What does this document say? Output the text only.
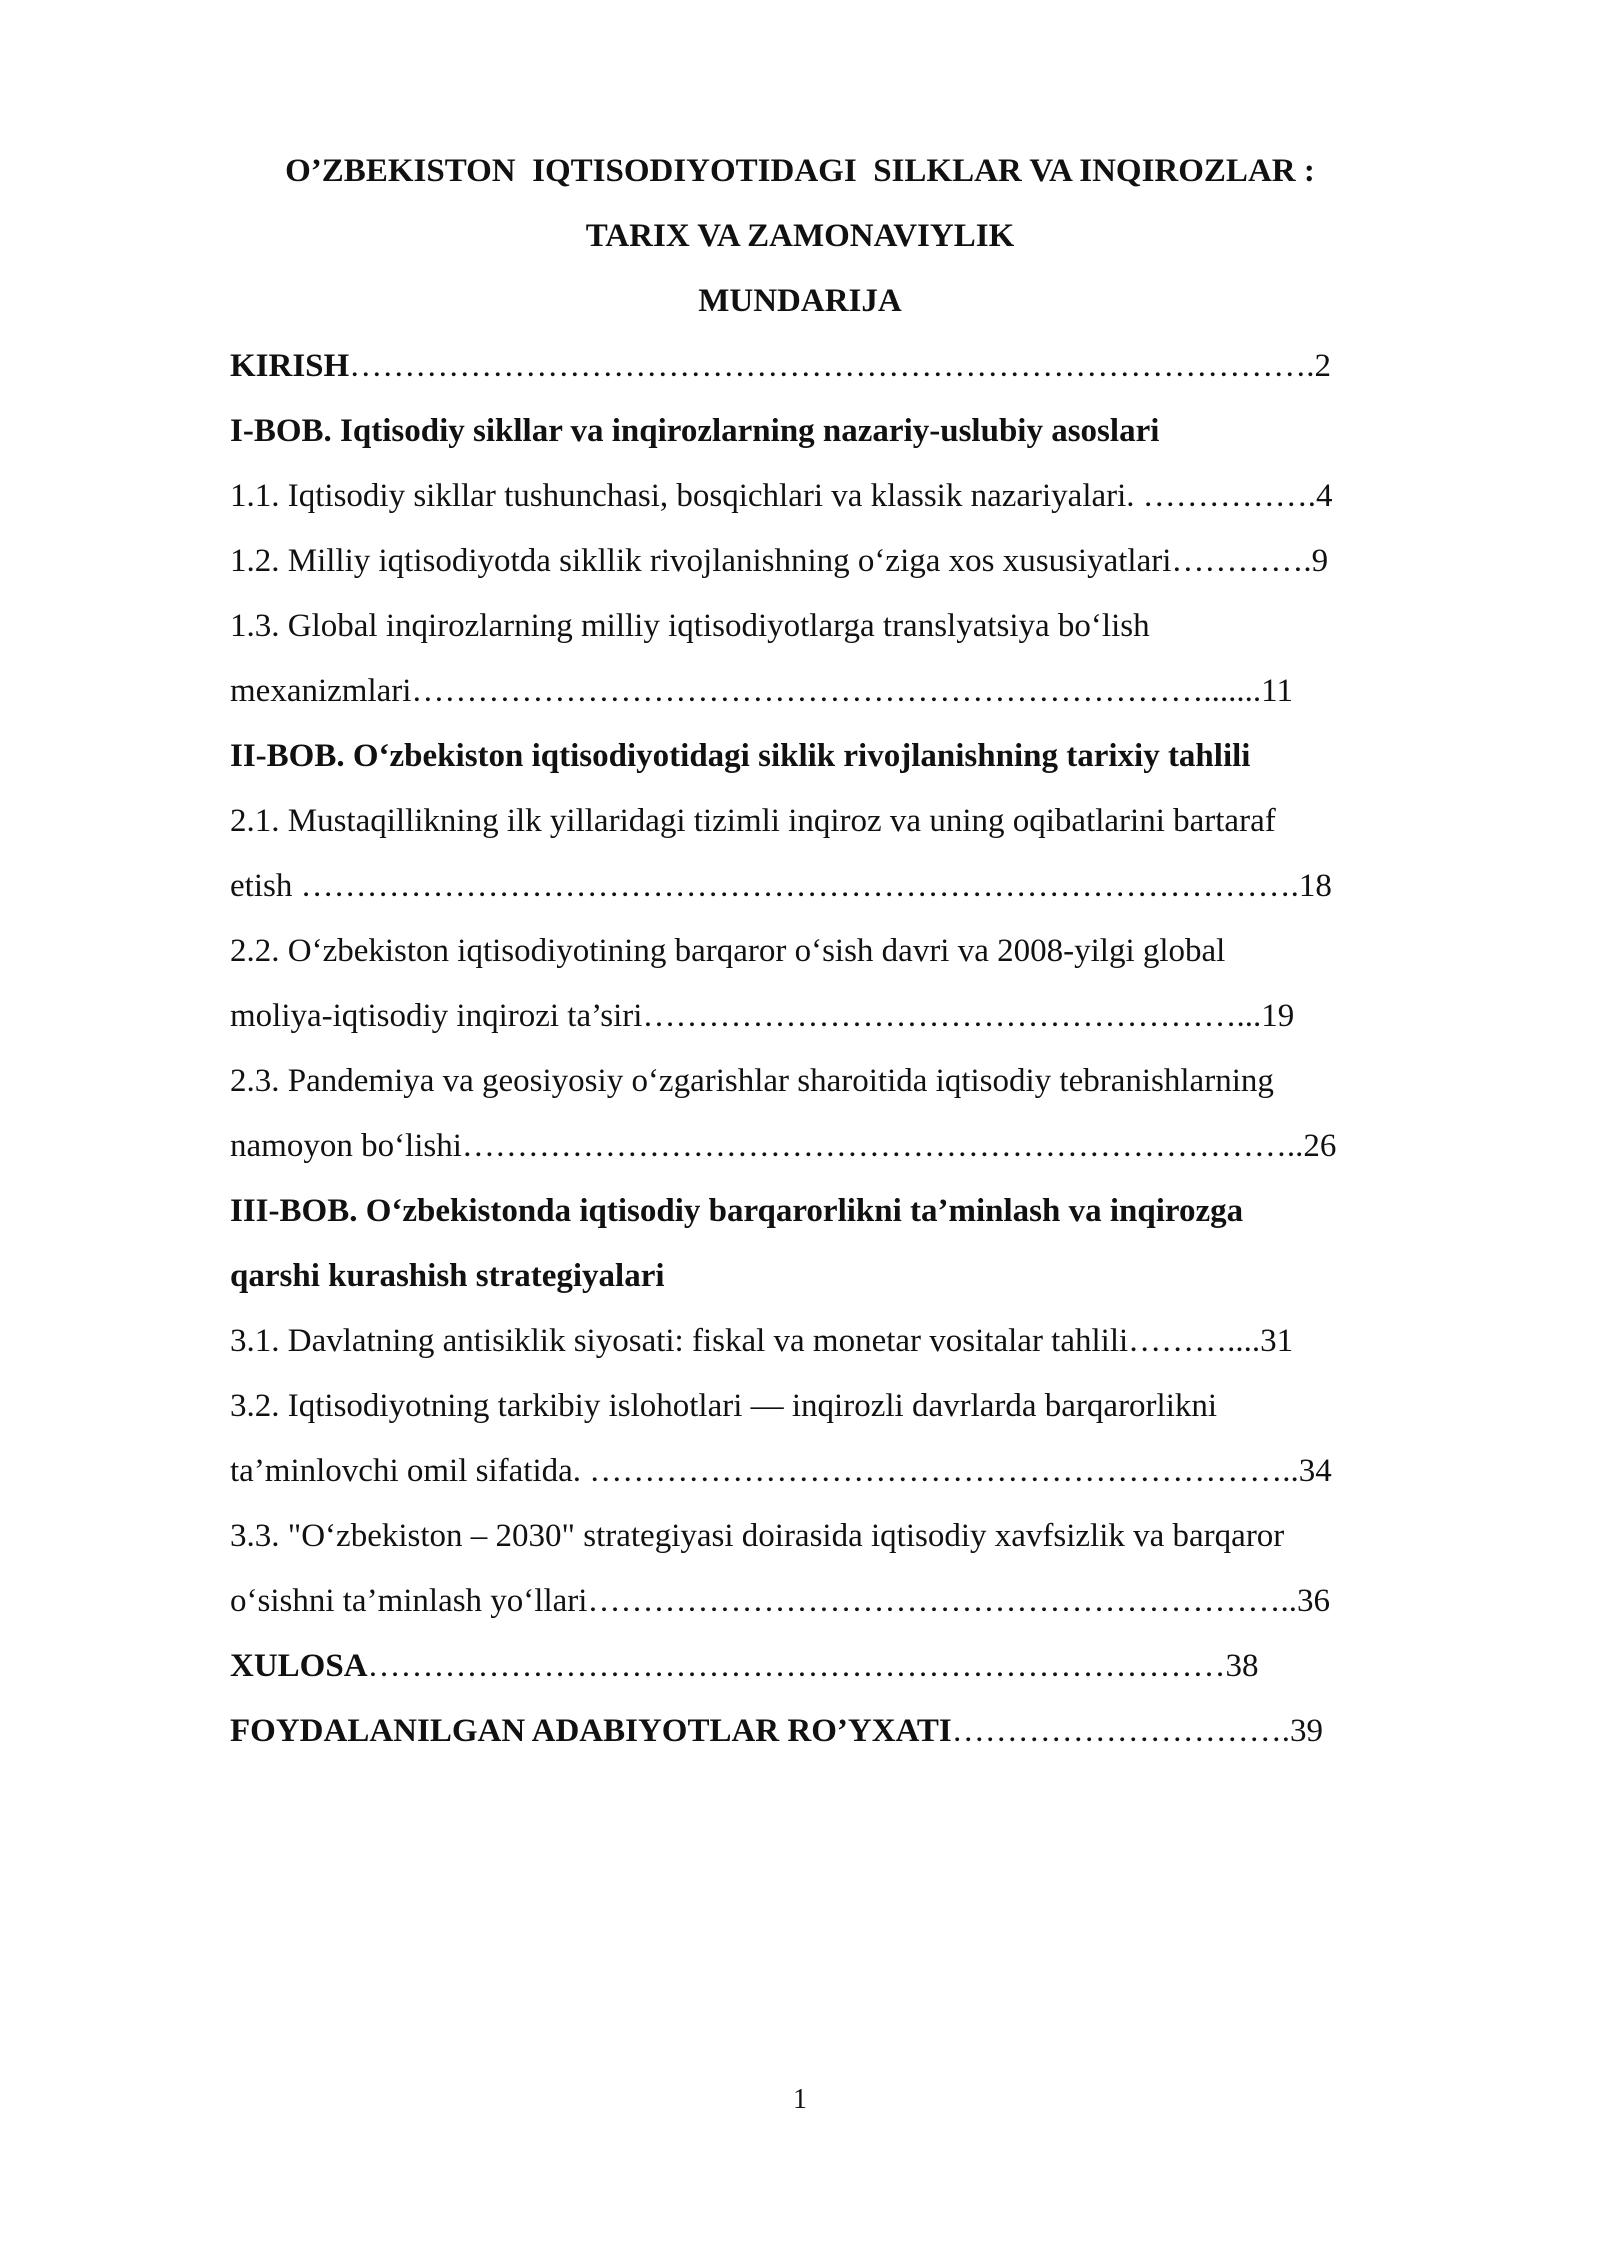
O’ZBEKISTON  IQTISODIYOTIDAGI  SILKLAR VA INQIROZLAR :
TARIX VA ZAMONAVIYLIK
MUNDARIJA
KIRISH…………………………………………………………………………….2
I-BOB. Iqtisodiy sikllar va inqirozlarning nazariy-uslubiy asoslari
1.1. Iqtisodiy sikllar tushunchasi, bosqichlari va klassik nazariyalari. …………….4
1.2. Milliy iqtisodiyotda sikllik rivojlanishning o‘ziga xos xususiyatlari………….9
1.3. Global inqirozlarning milliy iqtisodiyotlarga translyatsiya bo‘lish
mexanizmlari……………………………………………………………….......11
II-BOB. O‘zbekiston iqtisodiyotidagi siklik rivojlanishning tarixiy tahlili
2.1. Mustaqillikning ilk yillaridagi tizimli inqiroz va uning oqibatlarini bartaraf
etish ……………………………………………………………………………….18
2.2. O‘zbekiston iqtisodiyotining barqaror o‘sish davri va 2008-yilgi global
moliya-iqtisodiy inqirozi ta’siri………………………………………………...19
2.3. Pandemiya va geosiyosiy o‘zgarishlar sharoitida iqtisodiy tebranishlarning
namoyon bo‘lishi…………………………………………………………………..26
III-BOB. O‘zbekistonda iqtisodiy barqarorlikni ta’minlash va inqirozga
qarshi kurashish strategiyalari
3.1. Davlatning antisiklik siyosati: fiskal va monetar vositalar tahlili………....31
3.2. Iqtisodiyotning tarkibiy islohotlari — inqirozli davrlarda barqarorlikni
ta’minlovchi omil sifatida. ………………………………………………………..34
3.3. "O‘zbekiston – 2030" strategiyasi doirasida iqtisodiy xavfsizlik va barqaror
o‘sishni ta’minlash yo‘llari………………………………………………………..36
XULOSA……………………………………………………………………38
FOYDALANILGAN ADABIYOTLAR RO’YXATI………………………….39
1
